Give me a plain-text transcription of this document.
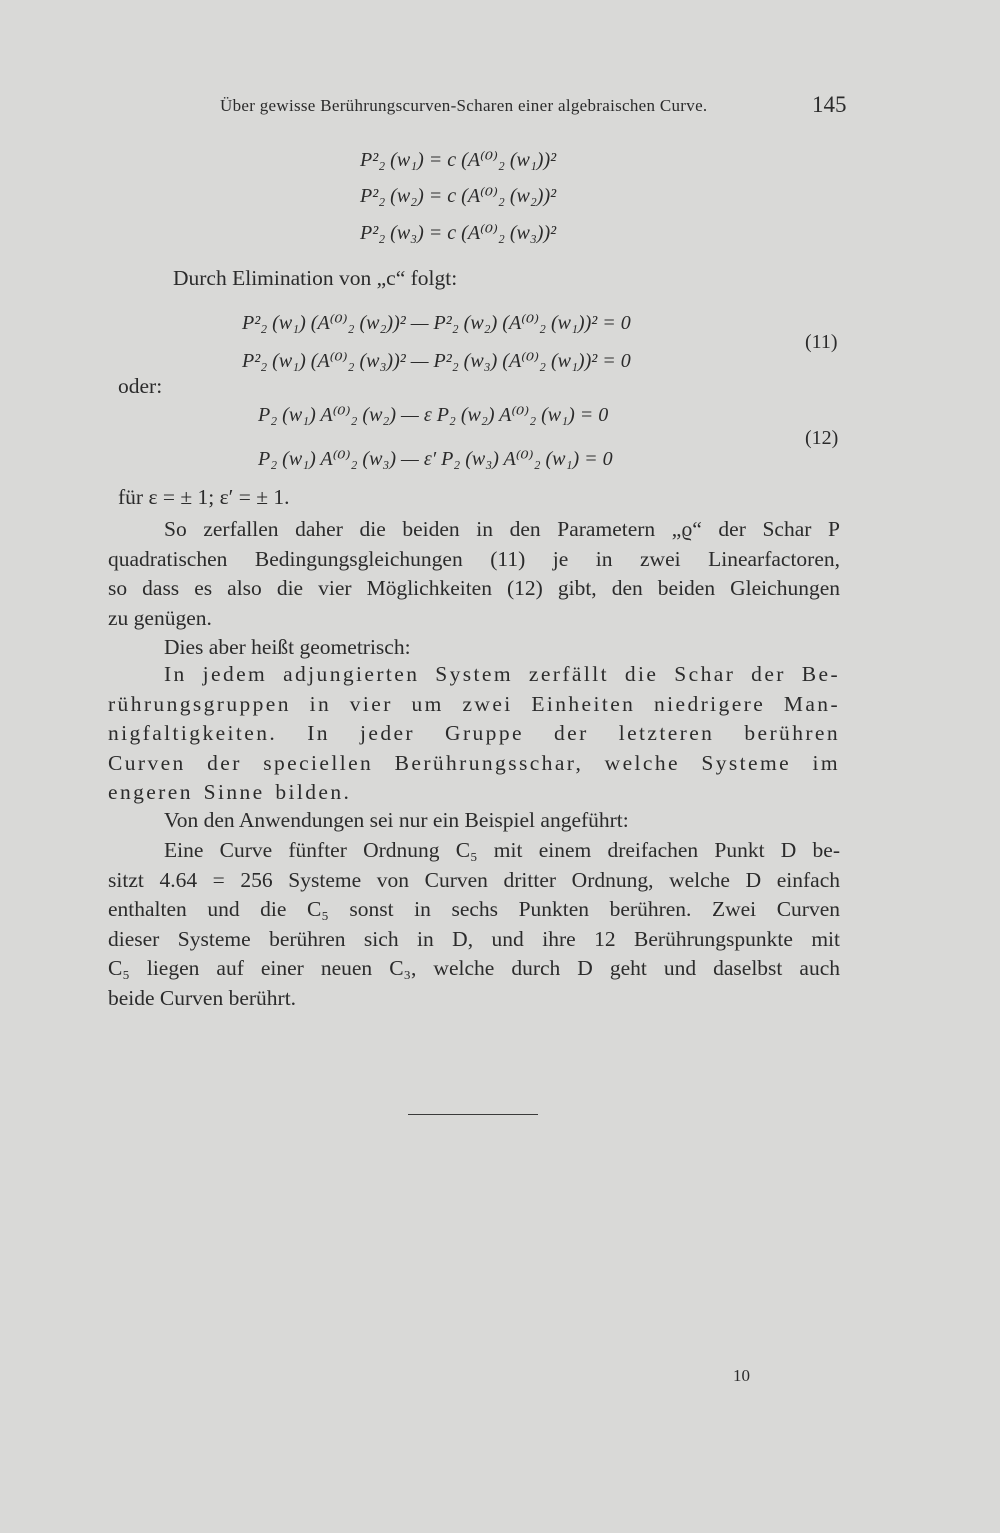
Über gewisse Berührungscurven-Scharen einer algebraischen Curve.	145
P²₂ (w₁) = c (A⁽⁰⁾₂ (w₁))²
P²₂ (w₂) = c (A⁽⁰⁾₂ (w₂))²
P²₂ (w₃) = c (A⁽⁰⁾₂ (w₃))²
Durch Elimination von „c“ folgt:
P²₂ (w₁) (A⁽⁰⁾₂ (w₂))² — P²₂ (w₂) (A⁽⁰⁾₂ (w₁))² = 0
P²₂ (w₁) (A⁽⁰⁾₂ (w₃))² — P²₂ (w₃) (A⁽⁰⁾₂ (w₁))² = 0
(11)
oder:
P₂ (w₁) A⁽⁰⁾₂ (w₂) — ε P₂ (w₂) A⁽⁰⁾₂ (w₁) = 0
P₂ (w₁) A⁽⁰⁾₂ (w₃) — ε′ P₂ (w₃) A⁽⁰⁾₂ (w₁) = 0
(12)
für ε = ± 1; ε′ = ± 1.
So zerfallen daher die beiden in den Parametern „ϱ“ der Schar P
quadratischen Bedingungsgleichungen (11) je in zwei Linearfactoren,
so dass es also die vier Möglichkeiten (12) gibt, den beiden Gleichungen
zu genügen.
Dies aber heißt geometrisch:
In jedem adjungierten System zerfällt die Schar der Be-
rührungsgruppen in vier um zwei Einheiten niedrigere Man-
nigfaltigkeiten. In jeder Gruppe der letzteren berühren
Curven der speciellen Berührungsschar, welche Systeme im
engeren Sinne bilden.
Von den Anwendungen sei nur ein Beispiel angeführt:
Eine Curve fünfter Ordnung C₅ mit einem dreifachen Punkt D be-
sitzt 4.64 = 256 Systeme von Curven dritter Ordnung, welche D einfach
enthalten und die C₅ sonst in sechs Punkten berühren. Zwei Curven
dieser Systeme berühren sich in D, und ihre 12 Berührungspunkte mit
C₅ liegen auf einer neuen C₃, welche durch D geht und daselbst auch
beide Curven berührt.
10
